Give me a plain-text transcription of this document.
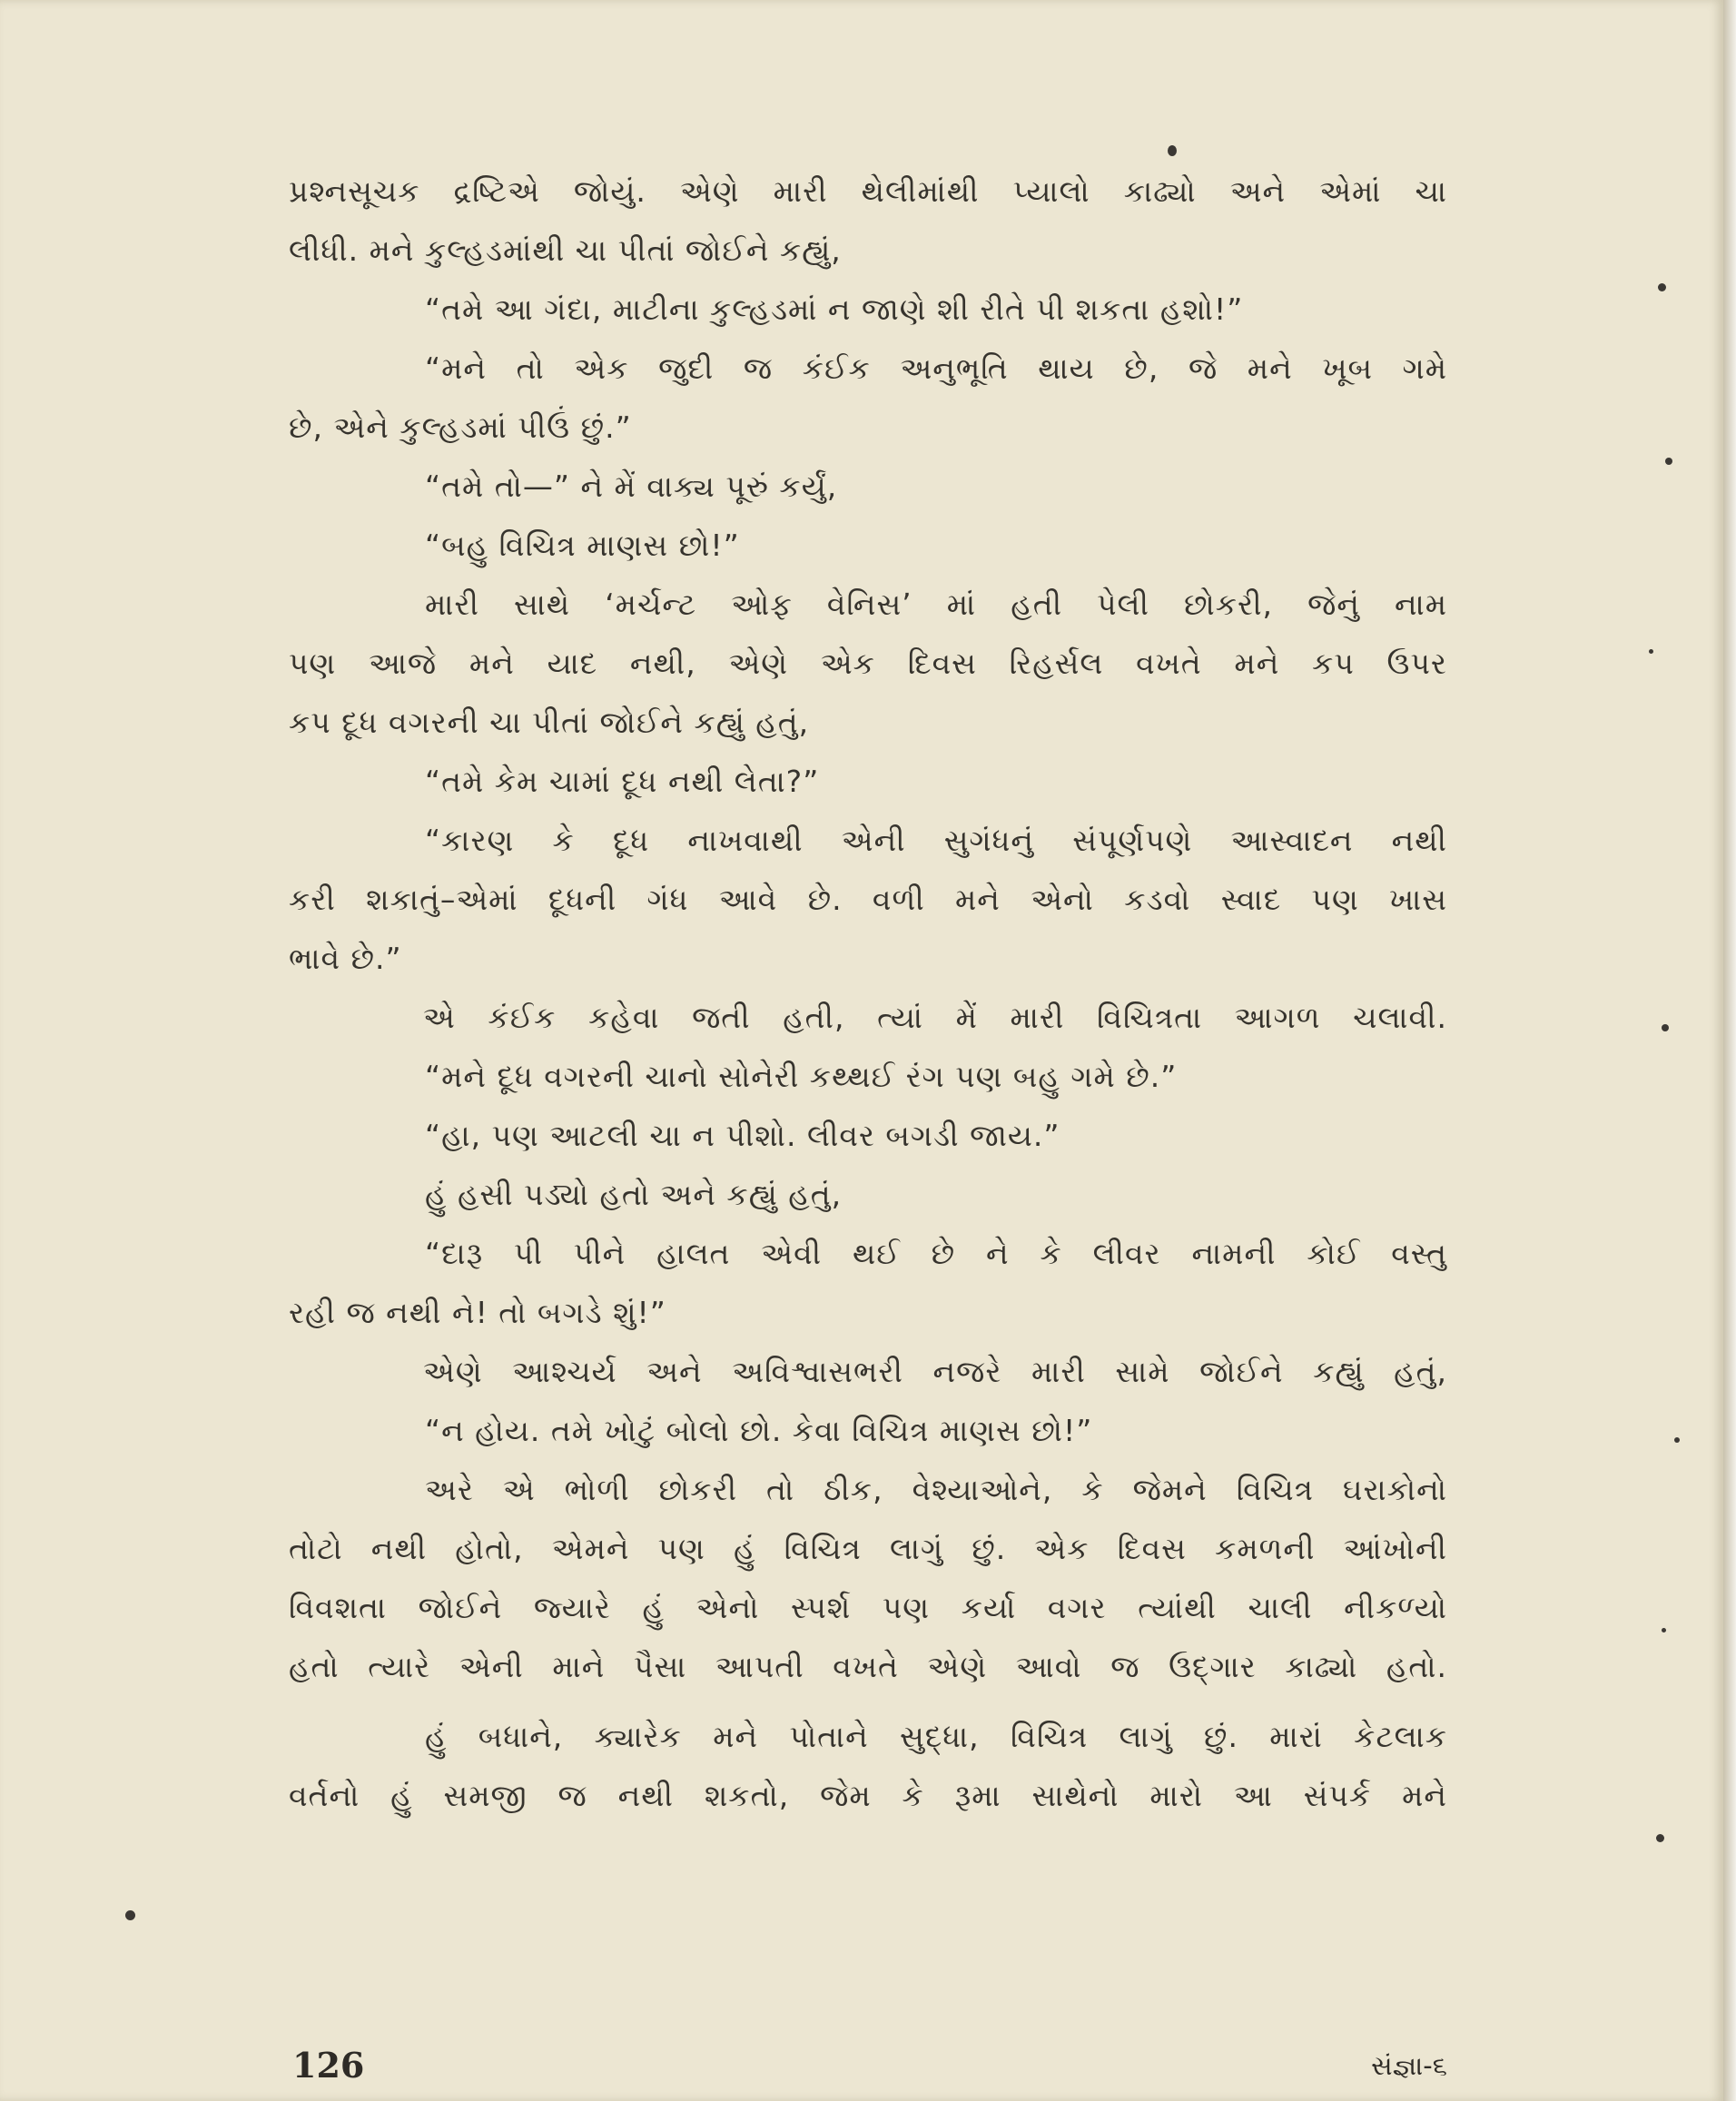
પ્રશ્નસૂચક દ્રષ્ટિએ જોયું. એણે મારી થેલીમાંથી પ્યાલો કાઢ્યો અને એમાં ચા
લીધી. મને કુલ્હડમાંથી ચા પીતાં જોઈને કહ્યું,
“તમે આ ગંદા, માટીના કુલ્હડમાં ન જાણે શી રીતે પી શકતા હશો!”
“મને તો એક જુદી જ કંઈક અનુભૂતિ થાય છે, જે મને ખૂબ ગમે
છે, એને કુલ્હડમાં પીઉં છું.”
“તમે તો—” ને મેં વાક્ય પૂરું કર્યું,
“બહુ વિચિત્ર માણસ છો!”
મારી સાથે ‘મર્ચન્ટ ઓફ વેનિસ’ માં હતી પેલી છોકરી, જેનું નામ
પણ આજે મને યાદ નથી, એણે એક દિવસ રિહર્સલ વખતે મને કપ ઉપર
કપ દૂધ વગરની ચા પીતાં જોઈને કહ્યું હતું,
“તમે કેમ ચામાં દૂધ નથી લેતા?”
“કારણ કે દૂધ નાખવાથી એની સુગંધનું સંપૂર્ણપણે આસ્વાદન નથી
કરી શકાતું–એમાં દૂધની ગંધ આવે છે. વળી મને એનો કડવો સ્વાદ પણ ખાસ
ભાવે છે.”
એ કંઈક કહેવા જતી હતી, ત્યાં મેં મારી વિચિત્રતા આગળ ચલાવી.
“મને દૂધ વગરની ચાનો સોનેરી કથ્થઈ રંગ પણ બહુ ગમે છે.”
“હા, પણ આટલી ચા ન પીશો. લીવર બગડી જાય.”
હું હસી પડ્યો હતો અને કહ્યું હતું,
“દારૂ પી પીને હાલત એવી થઈ છે ને કે લીવર નામની કોઈ વસ્તુ
રહી જ નથી ને! તો બગડે શું!”
એણે આશ્ચર્ય અને અવિશ્વાસભરી નજરે મારી સામે જોઈને કહ્યું હતું,
“ન હોય. તમે ખોટું બોલો છો. કેવા વિચિત્ર માણસ છો!”
અરે એ ભોળી છોકરી તો ઠીક, વેશ્યાઓને, કે જેમને વિચિત્ર ઘરાકોનો
તોટો નથી હોતો, એમને પણ હું વિચિત્ર લાગું છું. એક દિવસ કમળની આંખોની
વિવશતા જોઈને જ્યારે હું એનો સ્પર્શ પણ કર્યા વગર ત્યાંથી ચાલી નીકળ્યો
હતો ત્યારે એની માને પૈસા આપતી વખતે એણે આવો જ ઉદ્ગાર કાઢ્યો હતો.
હું બધાને, ક્યારેક મને પોતાને સુદ્ધા, વિચિત્ર લાગું છું. મારાં કેટલાક
વર્તનો હું સમજી જ નથી શકતો, જેમ કે રૂમા સાથેનો મારો આ સંપર્ક મને
126	સંજ્ઞા-૬
